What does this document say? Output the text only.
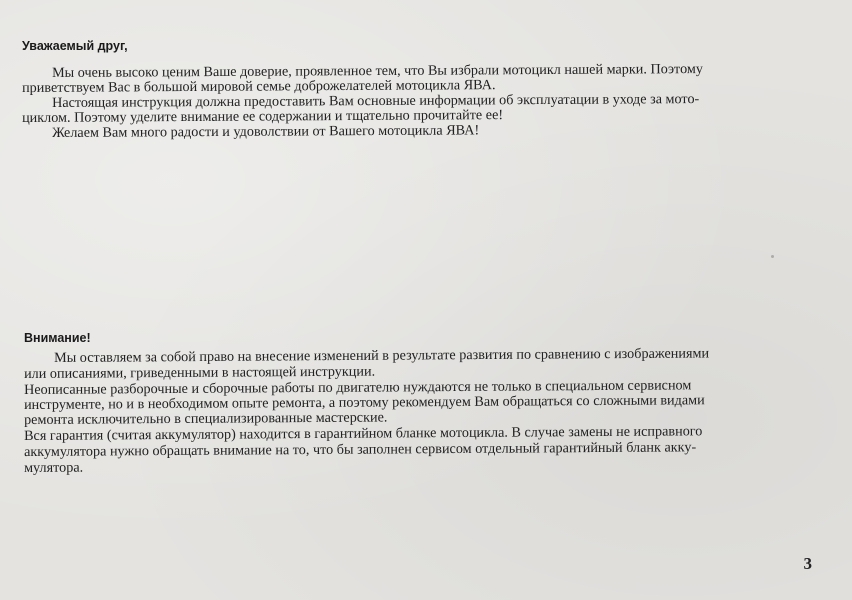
Уважаемый друг,
Мы очень высоко ценим Ваше доверие, проявленное тем, что Вы избрали мотоцикл нашей марки. Поэтому
приветствуем Вас в большой мировой семье доброжелателей мотоцикла ЯВА.
Настоящая инструкция должна предоставить Вам основные информации об эксплуатации в уходе за мото-
циклом. Поэтому уделите внимание ее содержании и тщательно прочитайте ее!
Желаем Вам много радости и удоволствии от Вашего мотоцикла ЯВА!
Внимание!
Мы оставляем за собой право на внесение изменений в результате развития по сравнению с изображениями
или описаниями, гриведенными в настоящей инструкции.
Неописанные разборочные и сборочные работы по двигателю нуждаются не только в специальном сервисном
инструменте, но и в необходимом опыте ремонта, а поэтому рекомендуем Вам обращаться со сложными видами
ремонта исключительно в специализированные мастерские.
Вся гарантия (считая аккумулятор) находится в гарантийном бланке мотоцикла. В случае замены не исправного
аккумулятора нужно обращать внимание на то, что бы заполнен сервисом отдельный гарантийный бланк акку-
мулятора.
3
